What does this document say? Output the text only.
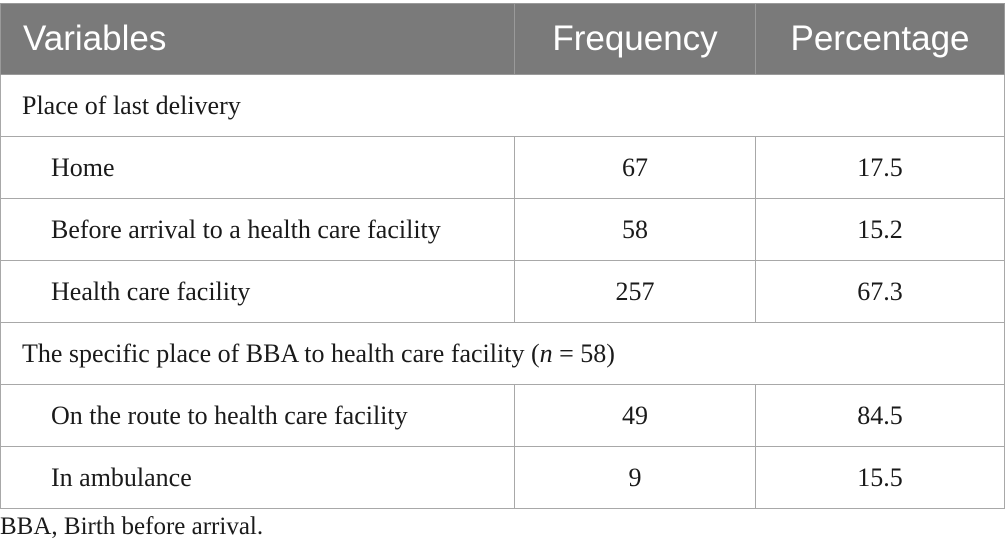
Variables	Frequency	Percentage
Place of last delivery		
Home	67	17.5
Before arrival to a health care facility	58	15.2
Health care facility	257	67.3
The specific place of BBA to health care facility (n = 58)		
On the route to health care facility	49	84.5
In ambulance	9	15.5
BBA, Birth before arrival.
